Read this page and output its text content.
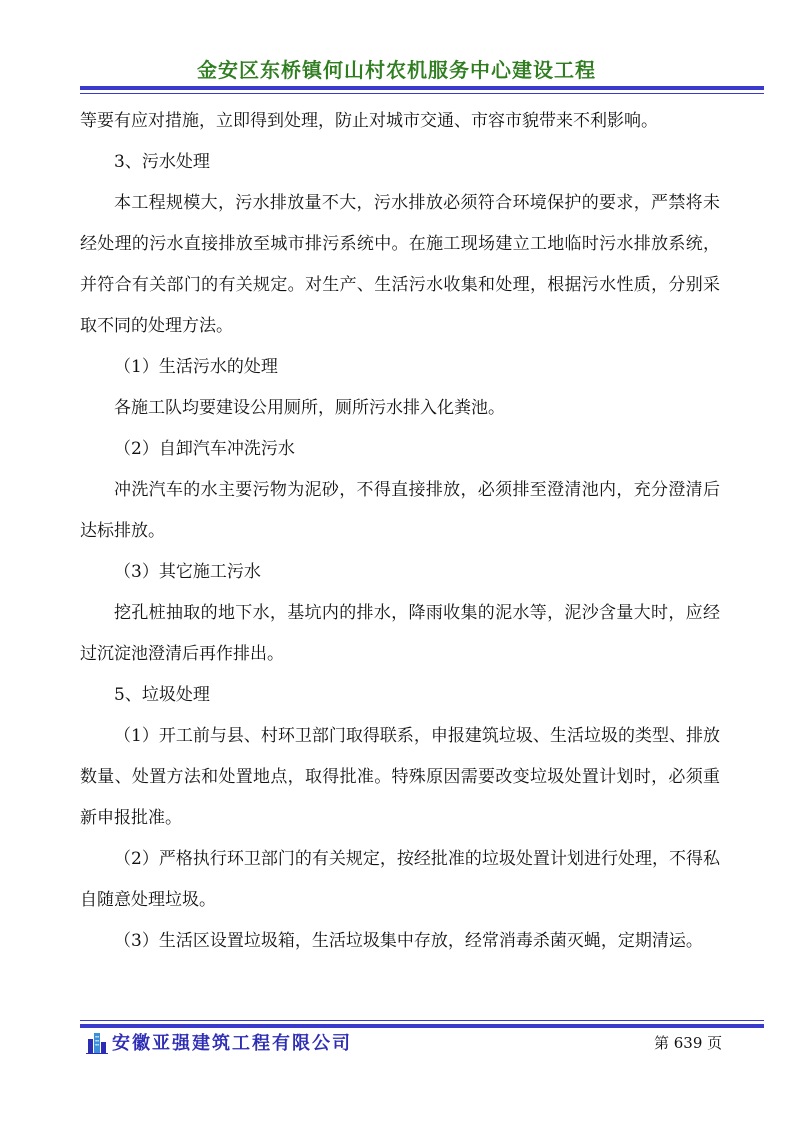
金安区东桥镇何山村农机服务中心建设工程

等要有应对措施，立即得到处理，防止对城市交通、市容市貌带来不利影响。

3、污水处理

本工程规模大，污水排放量不大，污水排放必须符合环境保护的要求，严禁将未经处理的污水直接排放至城市排污系统中。在施工现场建立工地临时污水排放系统，并符合有关部门的有关规定。对生产、生活污水收集和处理，根据污水性质，分别采取不同的处理方法。

（1）生活污水的处理

各施工队均要建设公用厕所，厕所污水排入化粪池。

（2）自卸汽车冲洗污水

冲洗汽车的水主要污物为泥砂，不得直接排放，必须排至澄清池内，充分澄清后达标排放。

（3）其它施工污水

挖孔桩抽取的地下水，基坑内的排水，降雨收集的泥水等，泥沙含量大时，应经过沉淀池澄清后再作排出。

5、垃圾处理

（1）开工前与县、村环卫部门取得联系，申报建筑垃圾、生活垃圾的类型、排放数量、处置方法和处置地点，取得批准。特殊原因需要改变垃圾处置计划时，必须重新申报批准。

（2）严格执行环卫部门的有关规定，按经批准的垃圾处置计划进行处理，不得私自随意处理垃圾。

（3）生活区设置垃圾箱，生活垃圾集中存放，经常消毒杀菌灭蝇，定期清运。

安徽亚强建筑工程有限公司	第 639 页
